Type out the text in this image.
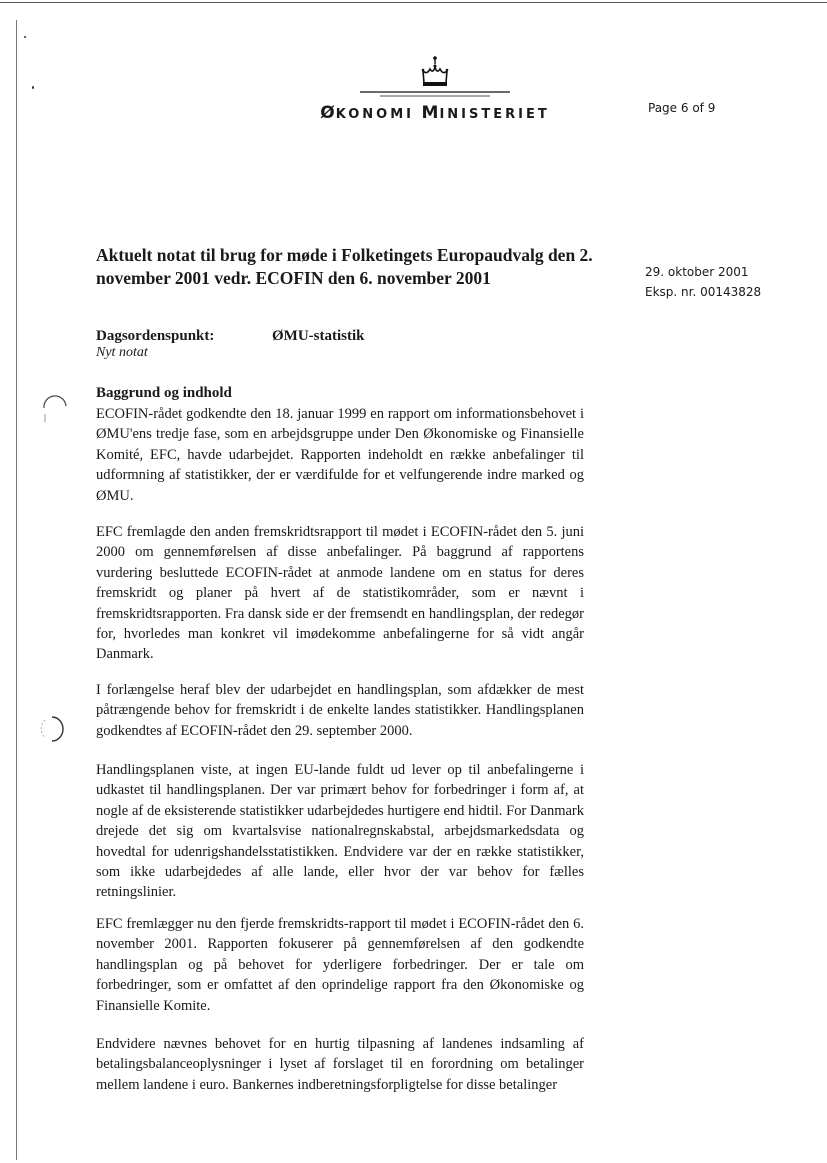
ØKONOMI MINISTERIET	Page 6 of 9
Aktuelt notat til brug for møde i Folketingets Europaudvalg den 2. november 2001 vedr. ECOFIN den 6. november 2001	29. oktober 2001
Eksp. nr. 00143828
Dagsordenspunkt:	ØMU-statistik
Nyt notat
Baggrund og indhold
ECOFIN-rådet godkendte den 18. januar 1999 en rapport om informationsbehovet i ØMU'ens tredje fase, som en arbejdsgruppe under Den Økonomiske og Finansielle Komité, EFC, havde udarbejdet. Rapporten indeholdt en række anbefalinger til udformning af statistikker, der er værdifulde for et velfungerende indre marked og ØMU.
EFC fremlagde den anden fremskridtsrapport til mødet i ECOFIN-rådet den 5. juni 2000 om gennemførelsen af disse anbefalinger. På baggrund af rapportens vurdering besluttede ECOFIN-rådet at anmode landene om en status for deres fremskridt og planer på hvert af de statistikområder, som er nævnt i fremskridtsrapporten. Fra dansk side er der fremsendt en handlingsplan, der redegør for, hvorledes man konkret vil imødekomme anbefalingerne for så vidt angår Danmark.
I forlængelse heraf blev der udarbejdet en handlingsplan, som afdækker de mest påtrængende behov for fremskridt i de enkelte landes statistikker. Handlingsplanen godkendtes af ECOFIN-rådet den 29. september 2000.
Handlingsplanen viste, at ingen EU-lande fuldt ud lever op til anbefalingerne i udkastet til handlingsplanen. Der var primært behov for forbedringer i form af, at nogle af de eksisterende statistikker udarbejdedes hurtigere end hidtil. For Danmark drejede det sig om kvartalsvise nationalregnskabstal, arbejdsmarkedsdata og hovedtal for udenrigshandelsstatistikken. Endvidere var der en række statistikker, som ikke udarbejdedes af alle lande, eller hvor der var behov for fælles retningslinier.
EFC fremlægger nu den fjerde fremskridts-rapport til mødet i ECOFIN-rådet den 6. november 2001. Rapporten fokuserer på gennemførelsen af den godkendte handlingsplan og på behovet for yderligere forbedringer. Der er tale om forbedringer, som er omfattet af den oprindelige rapport fra den Økonomiske og Finansielle Komite.
Endvidere nævnes behovet for en hurtig tilpasning af landenes indsamling af betalingsbalanceoplysninger i lyset af forslaget til en forordning om betalinger mellem landene i euro. Bankernes indberetningsforpligtelse for disse betalinger
